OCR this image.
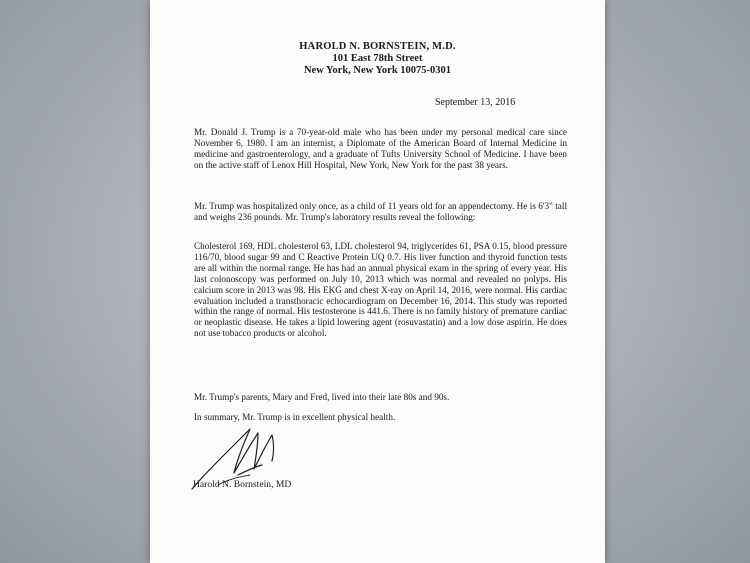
HAROLD N. BORNSTEIN, M.D.
101 East 78th Street
New York, New York 10075-0301
September 13, 2016
Mr. Donald J. Trump is a 70-year-old male who has been under my personal medical care since November 6, 1980. I am an internist, a Diplomate of the American Board of Internal Medicine in medicine and gastroenterology, and a graduate of Tufts University School of Medicine. I have been on the active staff of Lenox Hill Hospital, New York, New York for the past 38 years.
Mr. Trump was hospitalized only once, as a child of 11 years old for an appendectomy. He is 6'3" tall and weighs 236 pounds. Mr. Trump's laboratory results reveal the following:
Cholesterol 169, HDL cholesterol 63, LDL cholesterol 94, triglycerides 61, PSA 0.15, blood pressure 116/70, blood sugar 99 and C Reactive Protein UQ 0.7. His liver function and thyroid function tests are all within the normal range. He has had an annual physical exam in the spring of every year. His last colonoscopy was performed on July 10, 2013 which was normal and revealed no polyps. His calcium score in 2013 was 98. His EKG and chest X-ray on April 14, 2016, were normal. His cardiac evaluation included a transthoracic echocardiogram on December 16, 2014. This study was reported within the range of normal. His testosterone is 441.6. There is no family history of premature cardiac or neoplastic disease. He takes a lipid lowering agent (rosuvastatin) and a low dose aspirin. He does not use tobacco products or alcohol.
Mr. Trump's parents, Mary and Fred, lived into their late 80s and 90s.
In summary, Mr. Trump is in excellent physical health.
Harold N. Bornstein, MD
